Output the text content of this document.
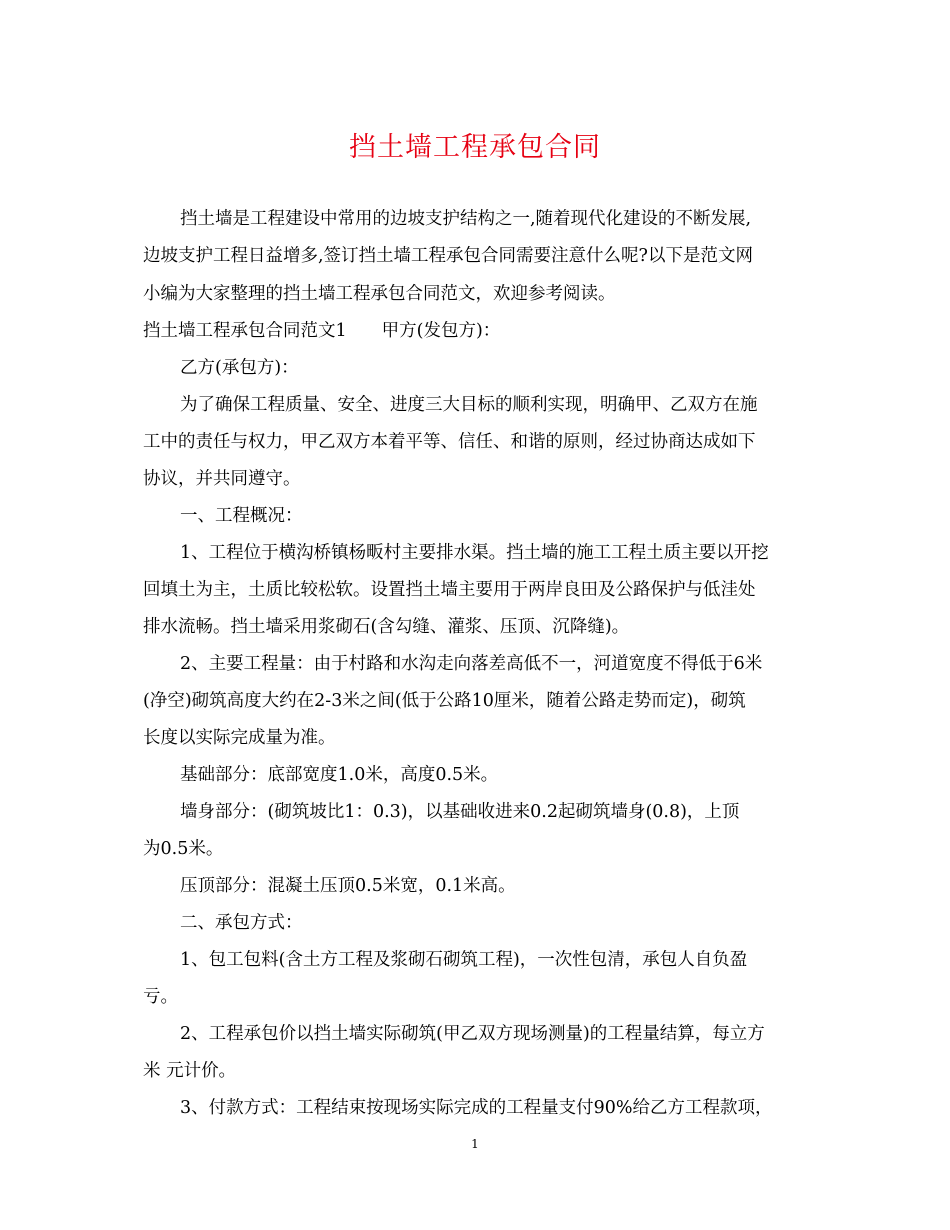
挡土墙工程承包合同
挡土墙是工程建设中常用的边坡支护结构之一,随着现代化建设的不断发展,
边坡支护工程日益增多,签订挡土墙工程承包合同需要注意什么呢?以下是范文网
小编为大家整理的挡土墙工程承包合同范文，欢迎参考阅读。
挡土墙工程承包合同范文1　　甲方(发包方)：
乙方(承包方)：
为了确保工程质量、安全、进度三大目标的顺利实现，明确甲、乙双方在施
工中的责任与权力，甲乙双方本着平等、信任、和谐的原则，经过协商达成如下
协议，并共同遵守。
一、工程概况：
1、工程位于横沟桥镇杨畈村主要排水渠。挡土墙的施工工程土质主要以开挖
回填土为主，土质比较松软。设置挡土墙主要用于两岸良田及公路保护与低洼处
排水流畅。挡土墙采用浆砌石(含勾缝、灌浆、压顶、沉降缝)。
2、主要工程量：由于村路和水沟走向落差高低不一，河道宽度不得低于6米
(净空)砌筑高度大约在2-3米之间(低于公路10厘米，随着公路走势而定)，砌筑
长度以实际完成量为准。
基础部分：底部宽度1.0米，高度0.5米。
墙身部分：(砌筑坡比1：0.3)，以基础收进来0.2起砌筑墙身(0.8)，上顶
为0.5米。
压顶部分：混凝土压顶0.5米宽，0.1米高。
二、承包方式：
1、包工包料(含土方工程及浆砌石砌筑工程)，一次性包清，承包人自负盈
亏。
2、工程承包价以挡土墙实际砌筑(甲乙双方现场测量)的工程量结算，每立方
米 元计价。
3、付款方式：工程结束按现场实际完成的工程量支付90%给乙方工程款项，
1
